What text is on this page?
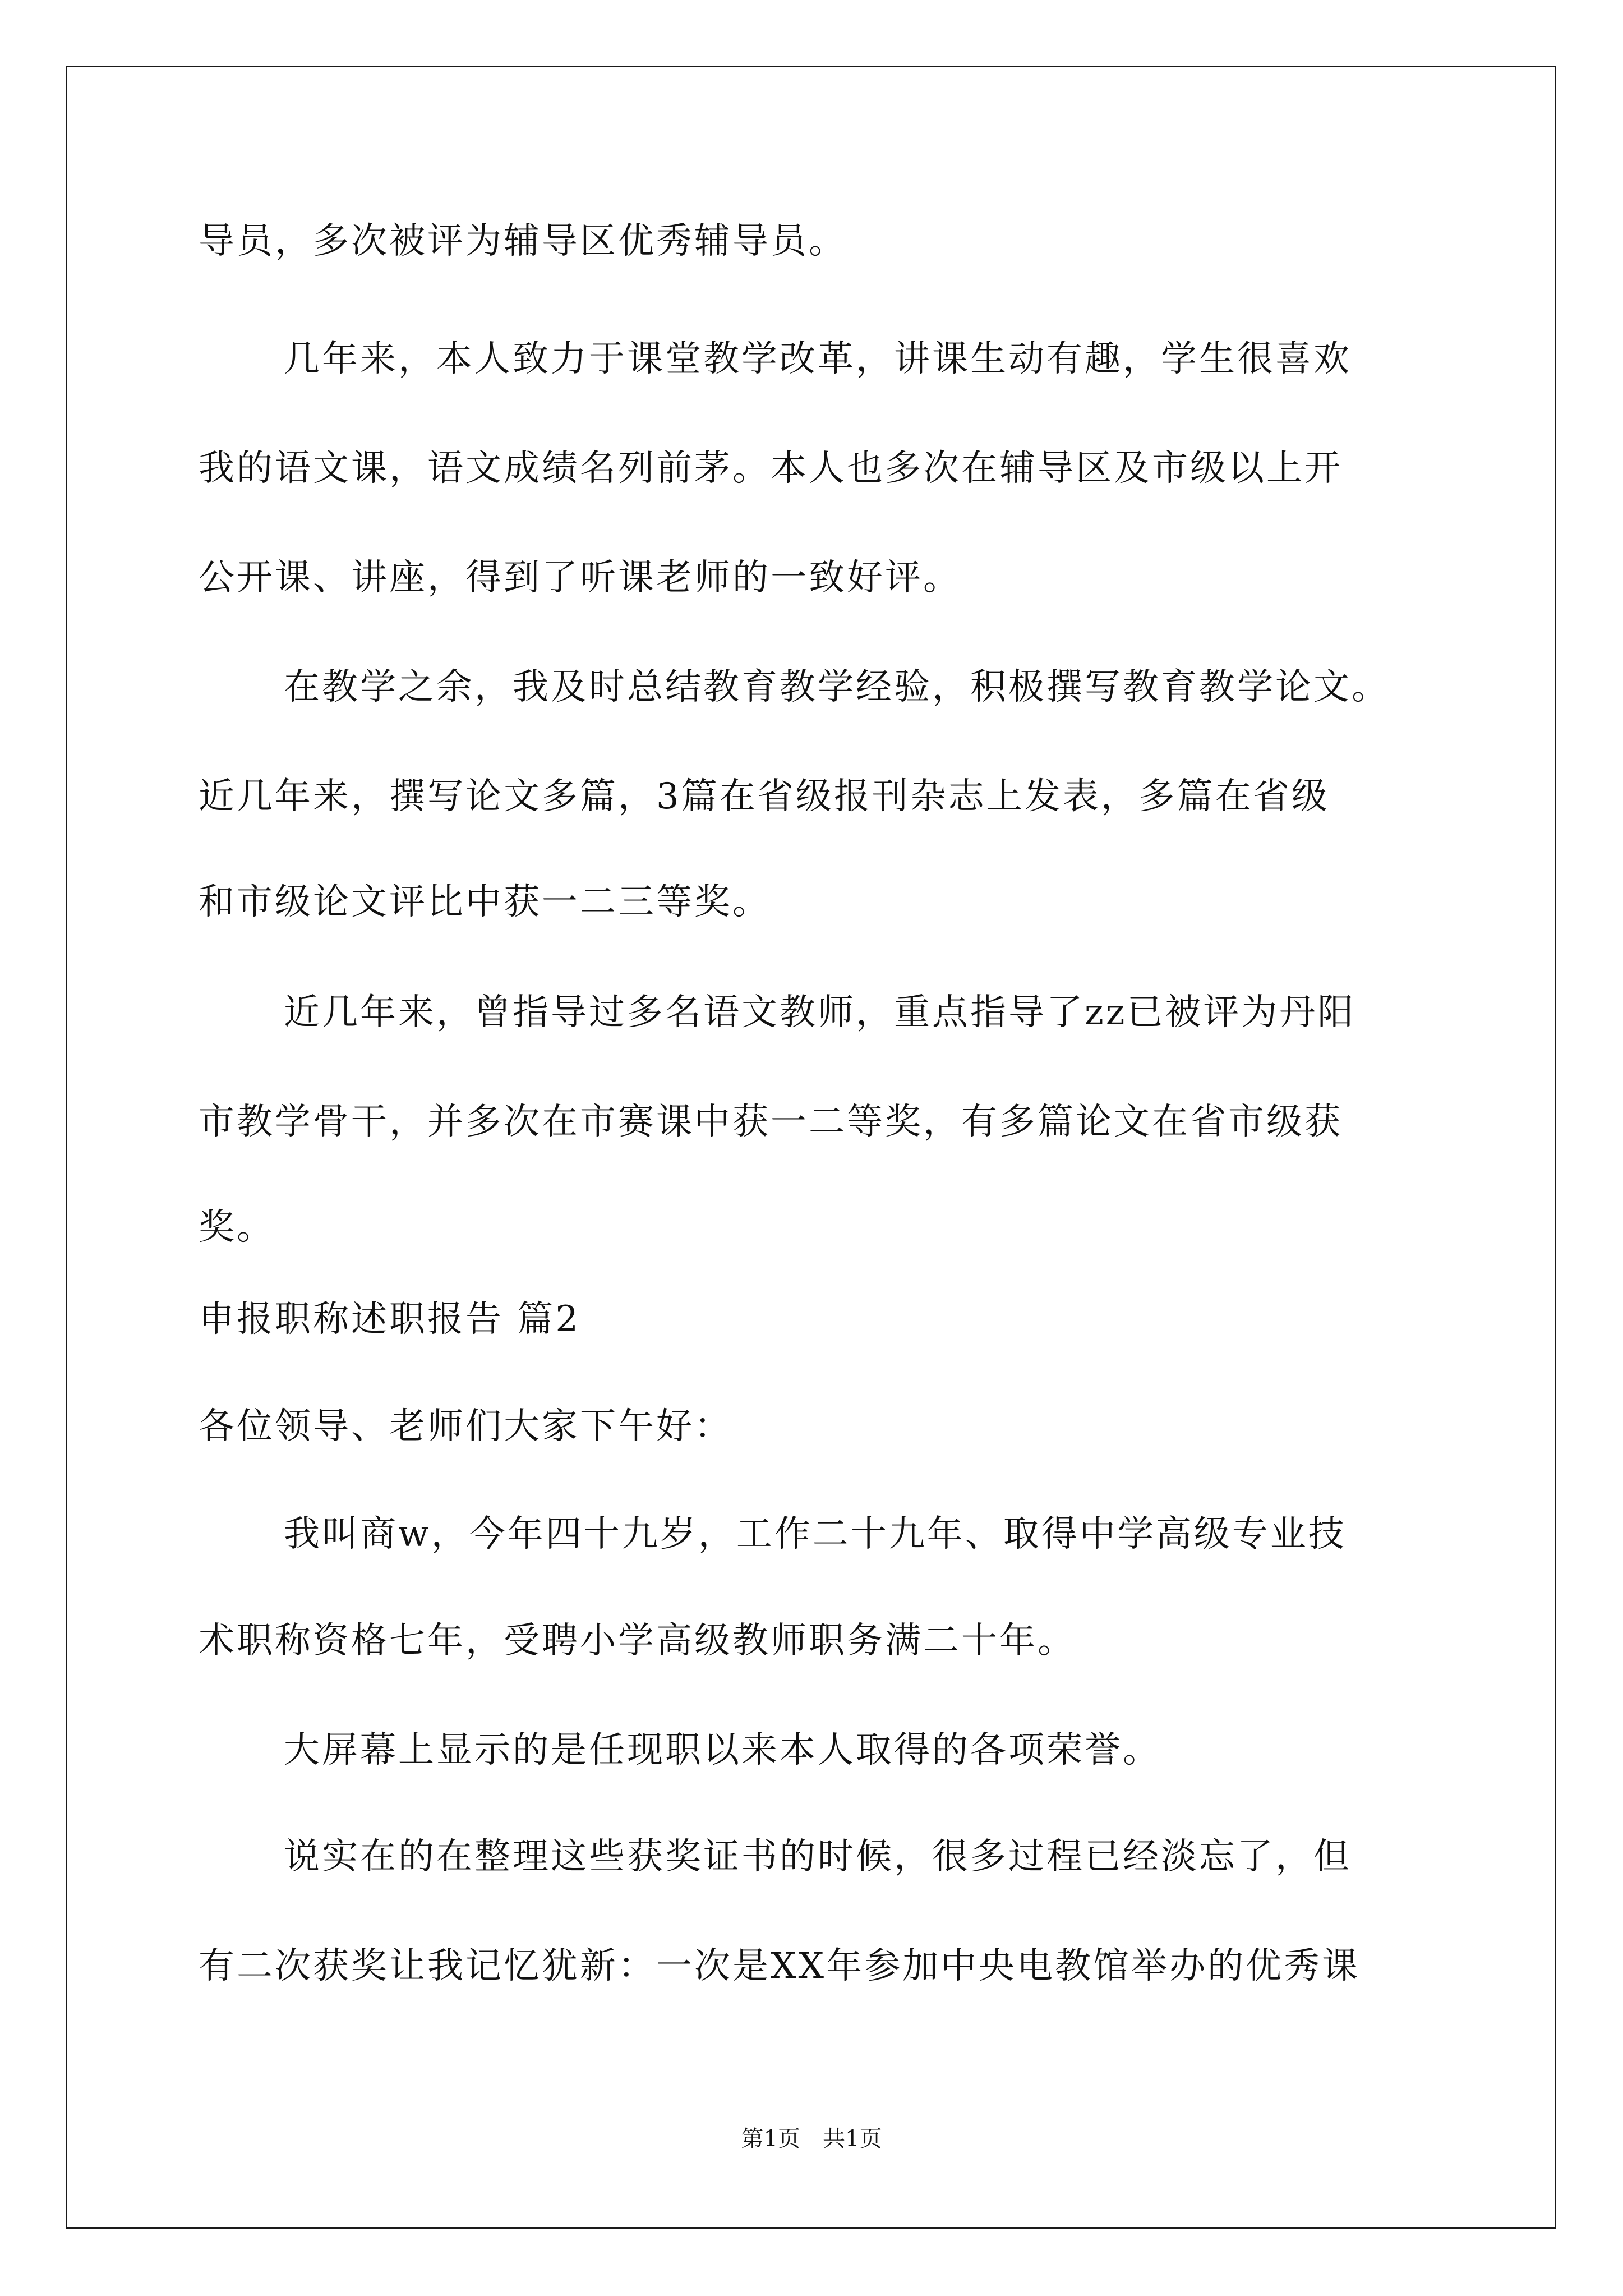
导员，多次被评为辅导区优秀辅导员。
几年来，本人致力于课堂教学改革，讲课生动有趣，学生很喜欢
我的语文课，语文成绩名列前茅。本人也多次在辅导区及市级以上开
公开课、讲座，得到了听课老师的一致好评。
在教学之余，我及时总结教育教学经验，积极撰写教育教学论文。
近几年来，撰写论文多篇，3篇在省级报刊杂志上发表，多篇在省级
和市级论文评比中获一二三等奖。
近几年来，曾指导过多名语文教师，重点指导了zz已被评为丹阳
市教学骨干，并多次在市赛课中获一二等奖，有多篇论文在省市级获
奖。
申报职称述职报告 篇2
各位领导、老师们大家下午好：
我叫商w，今年四十九岁，工作二十九年、取得中学高级专业技
术职称资格七年，受聘小学高级教师职务满二十年。
大屏幕上显示的是任现职以来本人取得的各项荣誉。
说实在的在整理这些获奖证书的时候，很多过程已经淡忘了，但
有二次获奖让我记忆犹新：一次是XX年参加中央电教馆举办的优秀课
第1页　共1页
